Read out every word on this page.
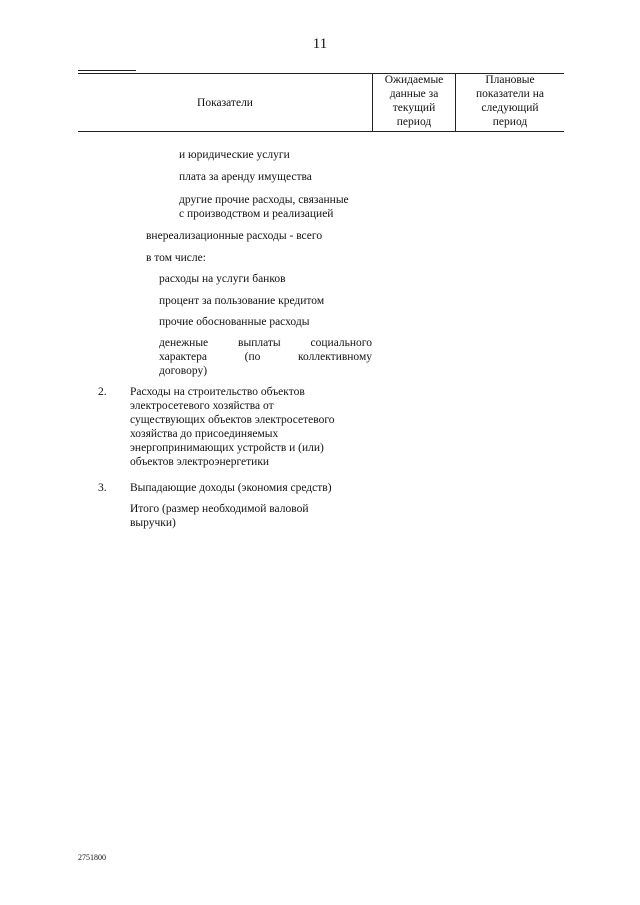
11
Показатели
Ожидаемые
данные за
текущий
период
Плановые
показатели на
следующий
период
и юридические услуги
плата за аренду имущества
другие прочие расходы, связанные
с производством и реализацией
внереализационные расходы - всего
в том числе:
расходы на услуги банков
процент за пользование кредитом
прочие обоснованные расходы
денежные выплаты социального
характера (по коллективному
договору)
2. Расходы на строительство объектов
электросетевого хозяйства от
существующих объектов электросетевого
хозяйства до присоединяемых
энергопринимающих устройств и (или)
объектов электроэнергетики
3. Выпадающие доходы (экономия средств)
Итого (размер необходимой валовой
выручки)
2751800
